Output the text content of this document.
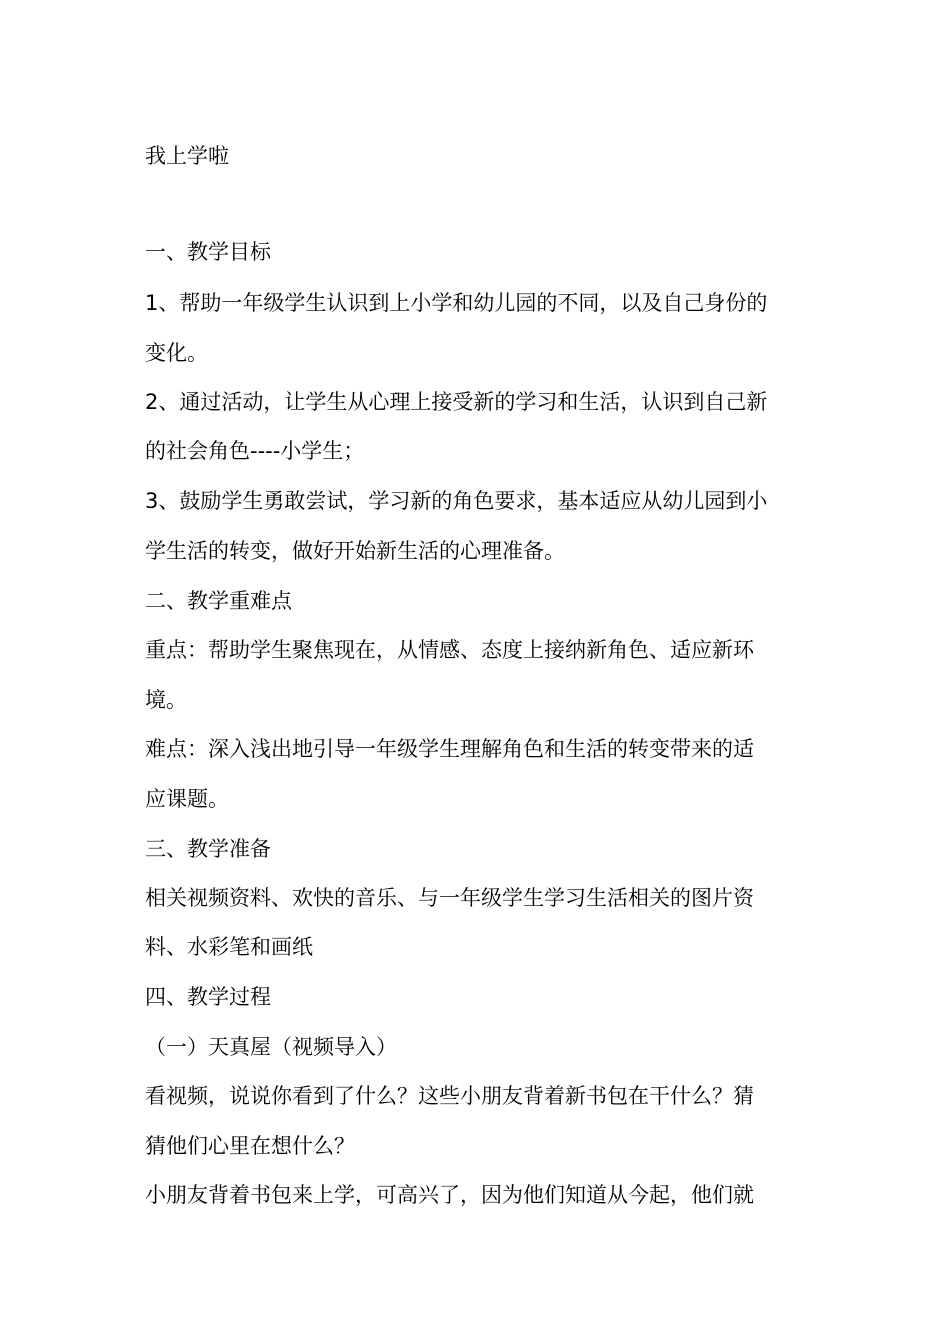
我上学啦
一、教学目标
1、帮助一年级学生认识到上小学和幼儿园的不同，以及自己身份的
变化。
2、通过活动，让学生从心理上接受新的学习和生活，认识到自己新
的社会角色----小学生；
3、鼓励学生勇敢尝试，学习新的角色要求，基本适应从幼儿园到小
学生活的转变，做好开始新生活的心理准备。
二、教学重难点
重点：帮助学生聚焦现在，从情感、态度上接纳新角色、适应新环
境。
难点：深入浅出地引导一年级学生理解角色和生活的转变带来的适
应课题。
三、教学准备
相关视频资料、欢快的音乐、与一年级学生学习生活相关的图片资
料、水彩笔和画纸
四、教学过程
（一）天真屋（视频导入）
看视频，说说你看到了什么？这些小朋友背着新书包在干什么？猜
猜他们心里在想什么？
小朋友背着书包来上学，可高兴了，因为他们知道从今起，他们就
